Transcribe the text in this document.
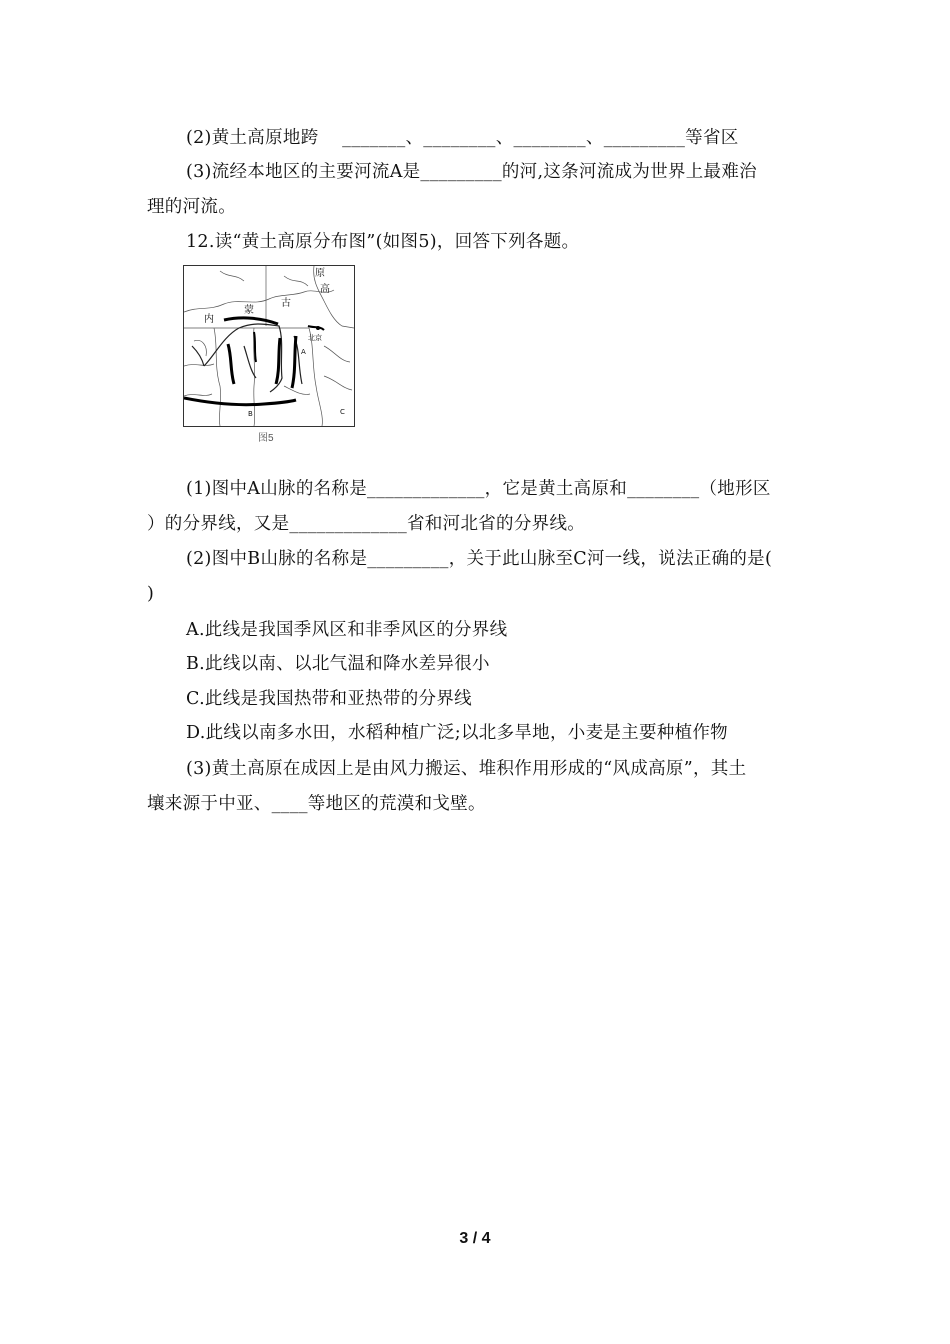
(2)黄土高原地跨　 _______、________、________、_________等省区
(3)流经本地区的主要河流A是_________的河,这条河流成为世界上最难治
理的河流。
12.读“黄土高原分布图”(如图5)，回答下列各题。
原
高
古
蒙
内
北京
A
B	C
图5
(1)图中A山脉的名称是_____________，它是黄土高原和________（地形区
）的分界线，又是_____________省和河北省的分界线。
(2)图中B山脉的名称是_________，关于此山脉至C河一线，说法正确的是(
)
A.此线是我国季风区和非季风区的分界线
B.此线以南、以北气温和降水差异很小
C.此线是我国热带和亚热带的分界线
D.此线以南多水田，水稻种植广泛;以北多旱地，小麦是主要种植作物
(3)黄土高原在成因上是由风力搬运、堆积作用形成的“风成高原”，其土
壤来源于中亚、____等地区的荒漠和戈壁。
3 / 4
